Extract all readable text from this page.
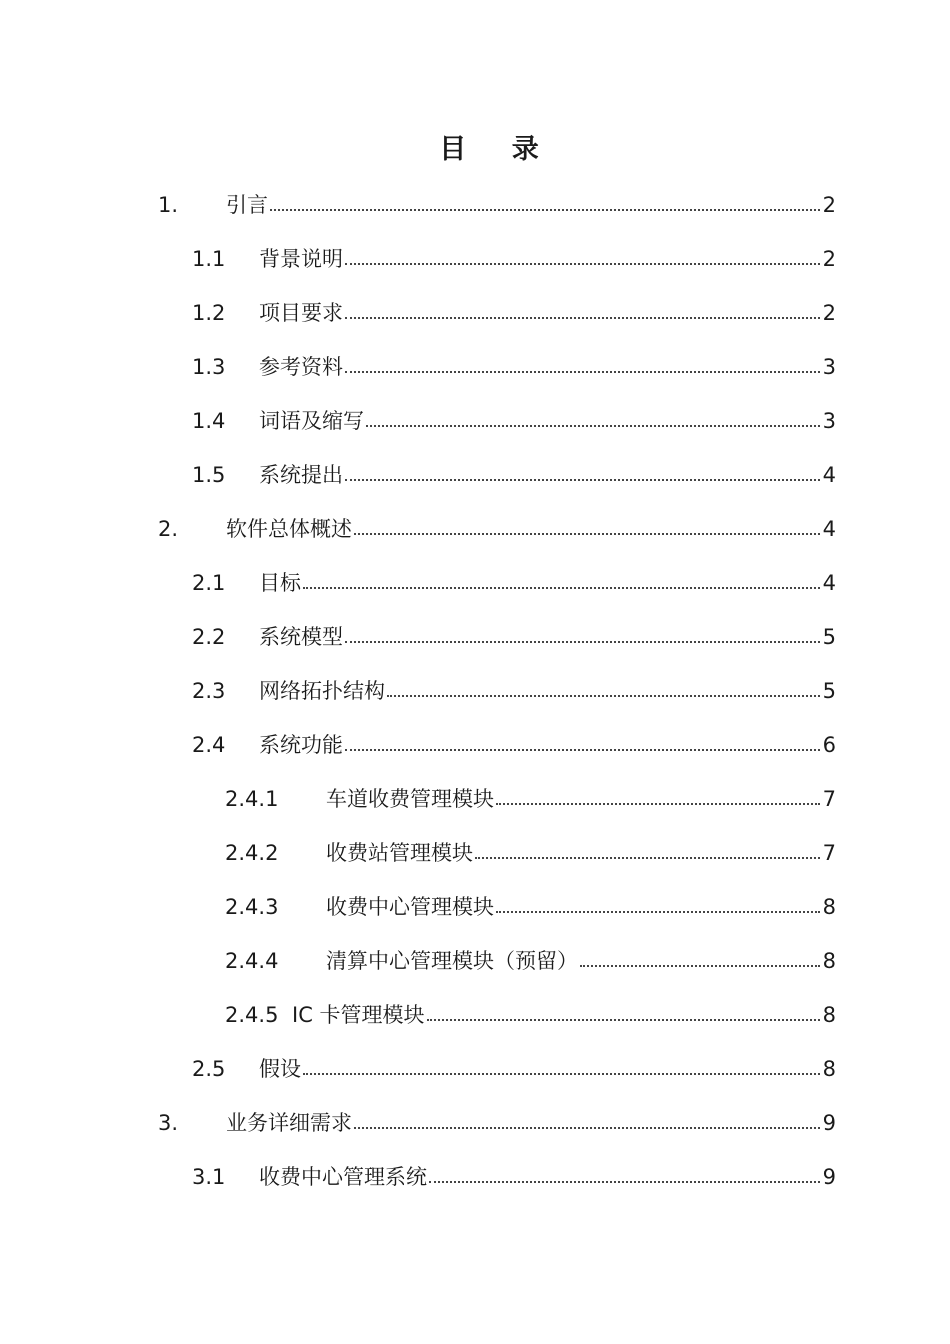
目 录
1.	引言	2
1.1	背景说明	2
1.2	项目要求	2
1.3	参考资料	3
1.4	词语及缩写	3
1.5	系统提出	4
2.	软件总体概述	4
2.1	目标	4
2.2	系统模型	5
2.3	网络拓扑结构	5
2.4	系统功能	6
2.4.1	车道收费管理模块	7
2.4.2	收费站管理模块	7
2.4.3	收费中心管理模块	8
2.4.4	清算中心管理模块（预留）	8
2.4.5 IC 卡管理模块	8
2.5	假设	8
3.	业务详细需求	9
3.1	收费中心管理系统	9
